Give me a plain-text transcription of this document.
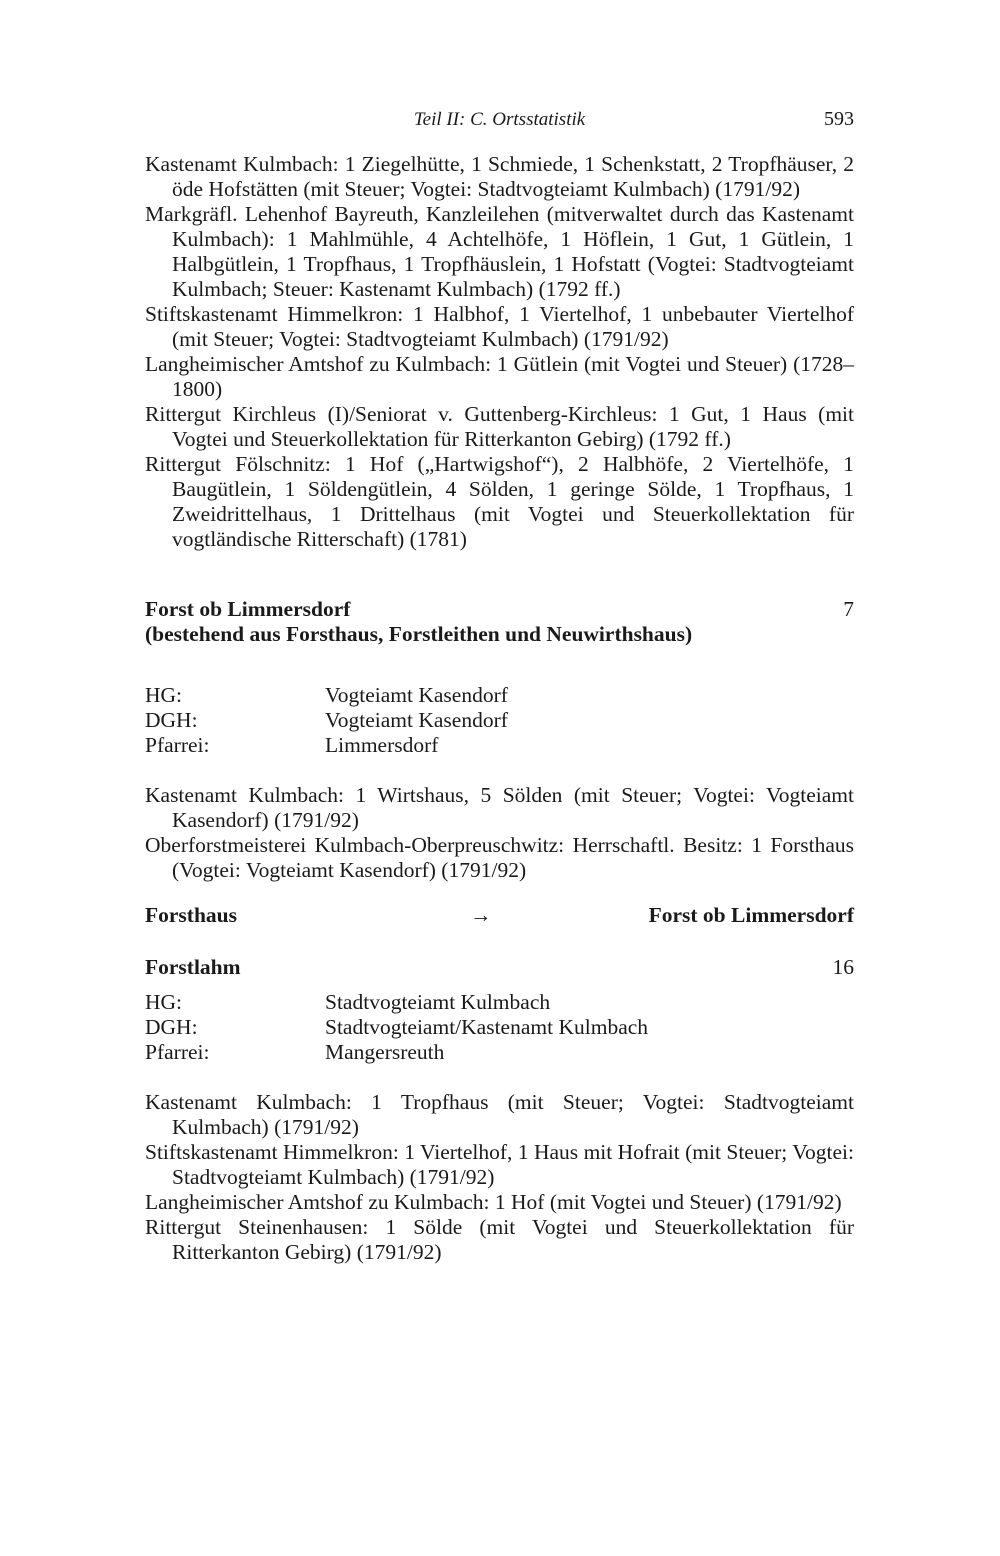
Teil II: C. Ortsstatistik	593

Kastenamt Kulmbach: 1 Ziegelhütte, 1 Schmiede, 1 Schenkstatt, 2 Tropfhäuser, 2 öde Hofstätten (mit Steuer; Vogtei: Stadtvogteiamt Kulmbach) (1791/92)

Markgräfl. Lehenhof Bayreuth, Kanzleilehen (mitverwaltet durch das Kastenamt Kulmbach): 1 Mahlmühle, 4 Achtelhöfe, 1 Höflein, 1 Gut, 1 Gütlein, 1 Halbgütlein, 1 Tropfhaus, 1 Tropfhäuslein, 1 Hofstatt (Vogtei: Stadtvogteiamt Kulmbach; Steuer: Kastenamt Kulmbach) (1792 ff.)

Stiftskastenamt Himmelkron: 1 Halbhof, 1 Viertelhof, 1 unbebauter Viertelhof (mit Steuer; Vogtei: Stadtvogteiamt Kulmbach) (1791/92)

Langheimischer Amtshof zu Kulmbach: 1 Gütlein (mit Vogtei und Steuer) (1728–1800)

Rittergut Kirchleus (I)/Seniorat v. Guttenberg-Kirchleus: 1 Gut, 1 Haus (mit Vogtei und Steuerkollektation für Ritterkanton Gebirg) (1792 ff.)

Rittergut Fölschnitz: 1 Hof („Hartwigshof“), 2 Halbhöfe, 2 Viertelhöfe, 1 Baugütlein, 1 Söldengütlein, 4 Sölden, 1 geringe Sölde, 1 Tropfhaus, 1 Zweidrittelhaus, 1 Drittelhaus (mit Vogtei und Steuerkollektation für vogtländische Ritterschaft) (1781)

Forst ob Limmersdorf	7
(bestehend aus Forsthaus, Forstleithen und Neuwirthshaus)
HG:	Vogteiamt Kasendorf
DGH:	Vogteiamt Kasendorf
Pfarrei:	Limmersdorf

Kastenamt Kulmbach: 1 Wirtshaus, 5 Sölden (mit Steuer; Vogtei: Vogteiamt Kasendorf) (1791/92)

Oberforstmeisterei Kulmbach-Oberpreuschwitz: Herrschaftl. Besitz: 1 Forsthaus (Vogtei: Vogteiamt Kasendorf) (1791/92)

Forsthaus	→	Forst ob Limmersdorf
Forstlahm	16
HG:	Stadtvogteiamt Kulmbach
DGH:	Stadtvogteiamt/Kastenamt Kulmbach
Pfarrei:	Mangersreuth

Kastenamt Kulmbach: 1 Tropfhaus (mit Steuer; Vogtei: Stadtvogteiamt Kulmbach) (1791/92)

Stiftskastenamt Himmelkron: 1 Viertelhof, 1 Haus mit Hofrait (mit Steuer; Vogtei: Stadtvogteiamt Kulmbach) (1791/92)

Langheimischer Amtshof zu Kulmbach: 1 Hof (mit Vogtei und Steuer) (1791/92)

Rittergut Steinenhausen: 1 Sölde (mit Vogtei und Steuerkollektation für Ritterkanton Gebirg) (1791/92)
